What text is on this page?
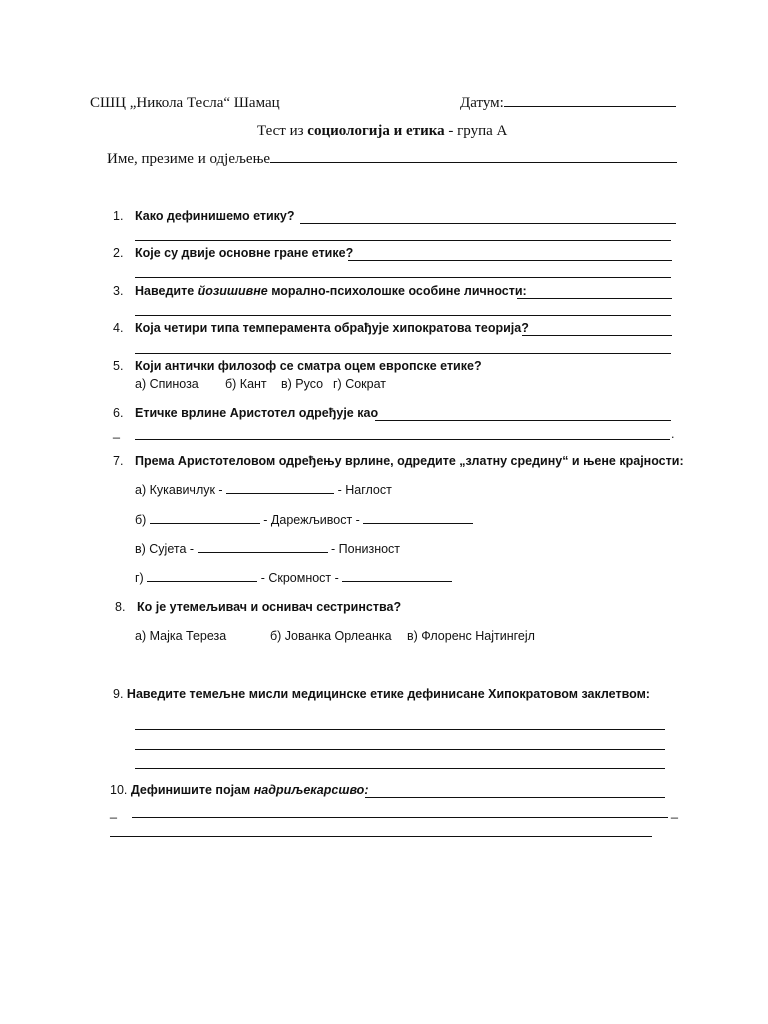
СШЦ „Никола Тесла“ Шамац	Датум:
Тест из социологија и етика - група А
Име, презиме и одјељење
1. Како дефинишемо етику?
2. Које су двије основне гране етике?
3. Наведите йозишивне морално-психолошке особине личности:
4. Која четири типа темперамента обрађује хипократова теорија?
5. Који антички филозоф се сматра оцем европске етике?
а) Спиноза б) Кант в) Русо г) Сократ
6. Етичке врлине Аристотел одређује као
_	.
7. Према Аристотеловом одређењу врлине, одредите „златну средину“ и њене крајности:
а) Кукавичлук -	- Наглост
б)	- Дарежљивост -
в) Сујета -	- Понизност
г)	- Скромност -
8. Ко је утемељивач и оснивач сестринства?
а) Мајка Тереза	б) Јованка Орлеанка в) Флоренс Најтингејл
9. Наведите темељне мисли медицинске етике дефинисане Хипократовом заклетвом:
10. Дефинишите појам надриљекарсшво:
_	_
